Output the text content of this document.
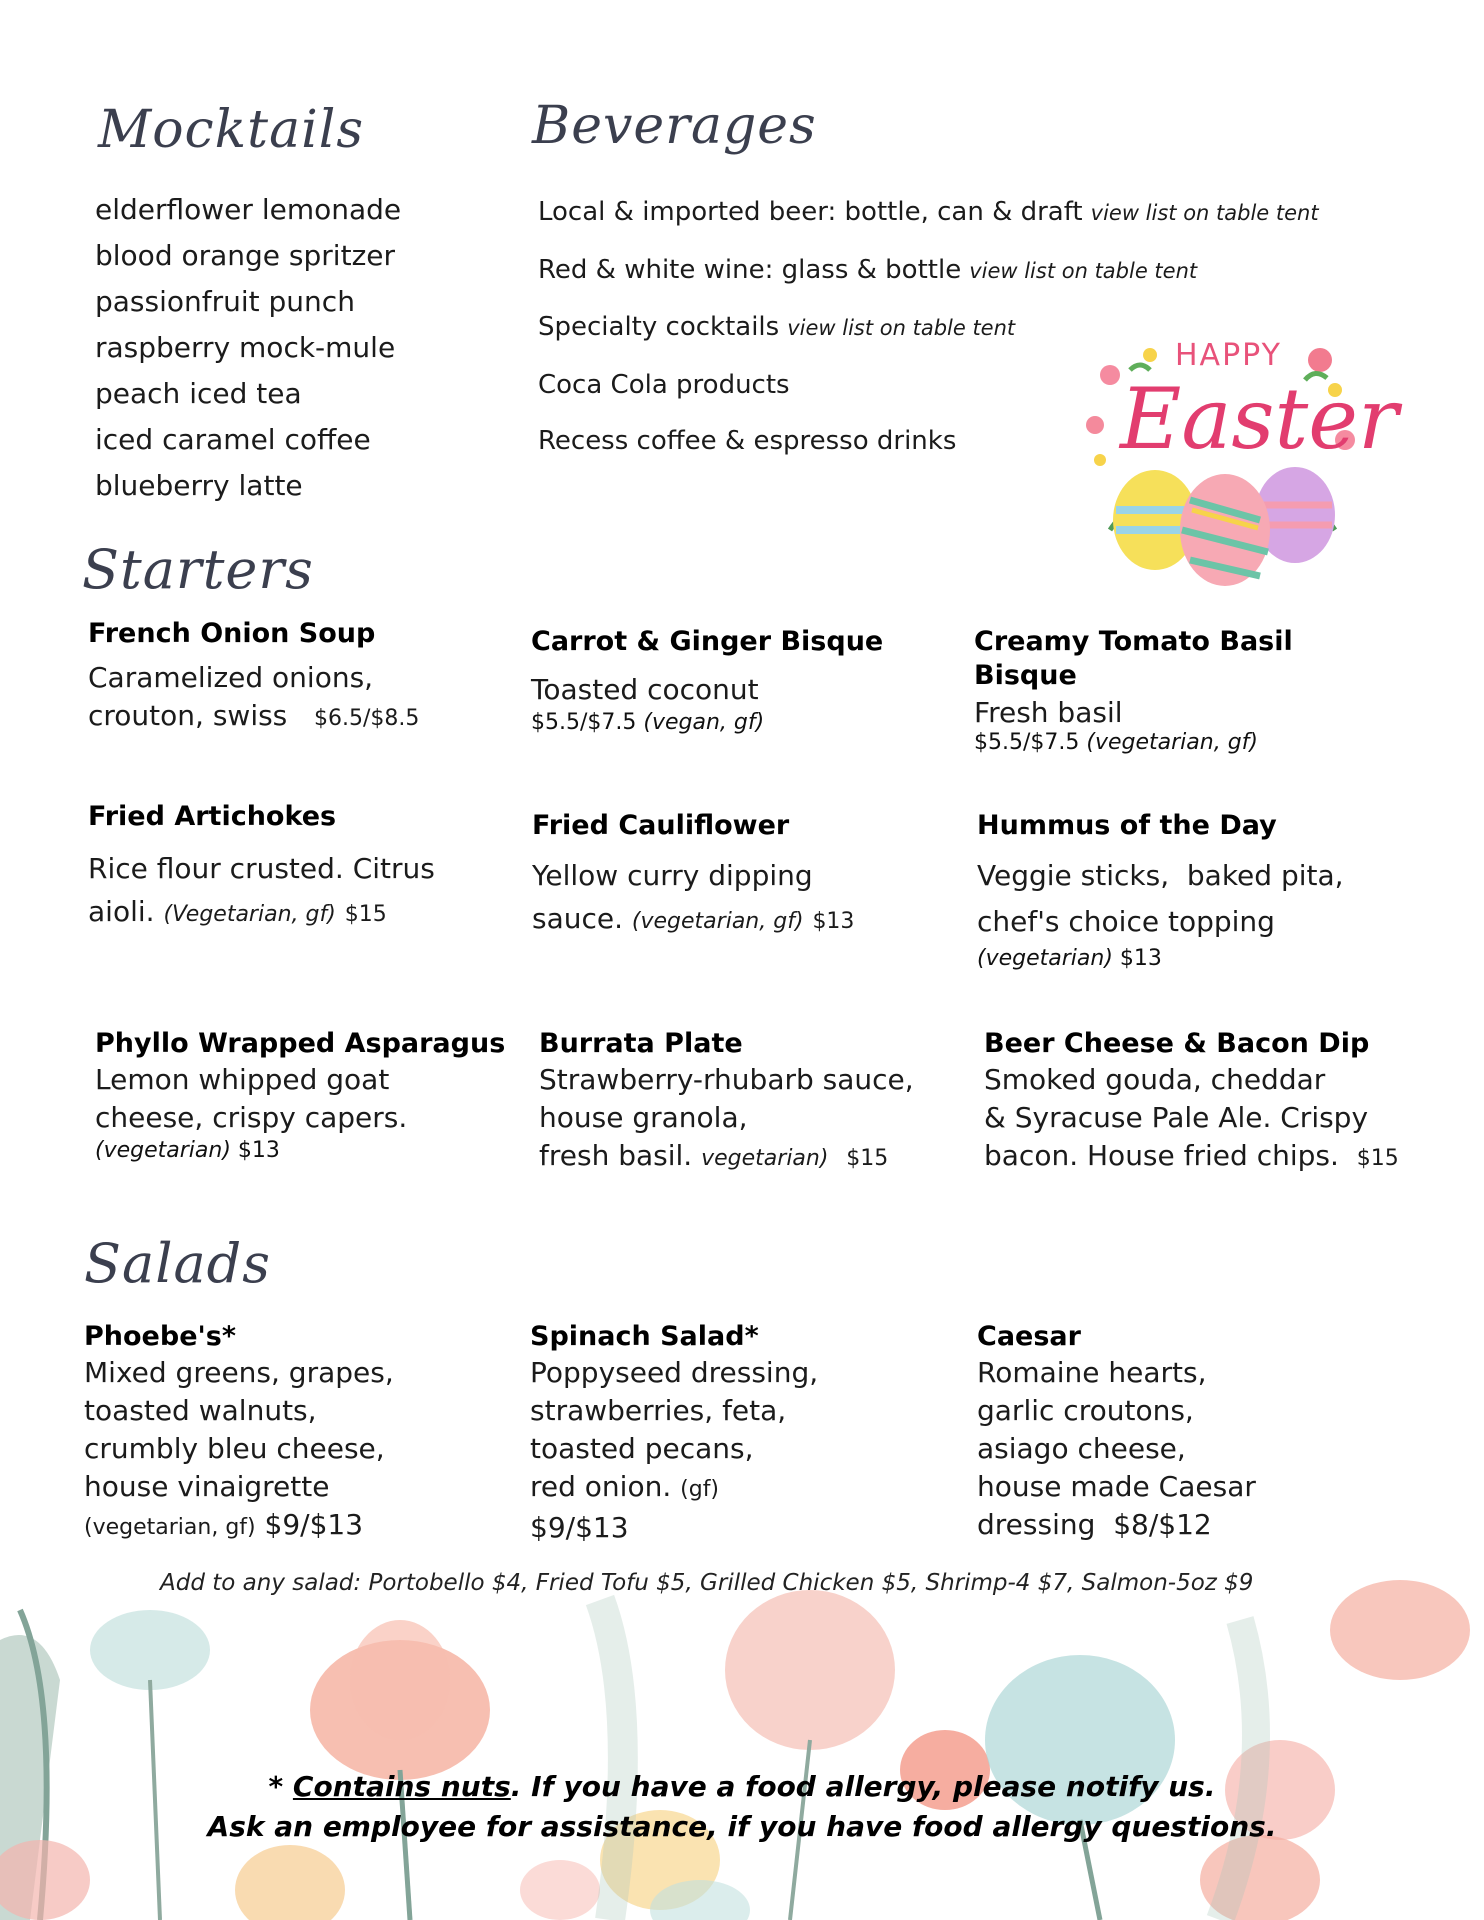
Mocktails
elderflower lemonade
blood orange spritzer
passionfruit punch
raspberry mock-mule
peach iced tea
iced caramel coffee
blueberry latte
Beverages
Local & imported beer: bottle, can & draft view list on table tent
Red & white wine: glass & bottle view list on table tent
Specialty cocktails view list on table tent
Coca Cola products
Recess coffee & espresso drinks
HAPPY
Easter
Starters
French Onion Soup
Caramelized onions,
crouton, swiss $6.5/$8.5
Carrot & Ginger Bisque
Toasted coconut
$5.5/$7.5 (vegan, gf)
Creamy Tomato Basil Bisque
Fresh basil
$5.5/$7.5 (vegetarian, gf)
Fried Artichokes
Rice flour crusted. Citrus
aioli. (Vegetarian, gf) $15
Fried Cauliflower
Yellow curry dipping
sauce. (vegetarian, gf) $13
Hummus of the Day
Veggie sticks,  baked pita,
chef's choice topping
(vegetarian) $13
Phyllo Wrapped Asparagus
Lemon whipped goat
cheese, crispy capers.
(vegetarian) $13
Burrata Plate
Strawberry-rhubarb sauce,
house granola,
fresh basil. vegetarian) $15
Beer Cheese & Bacon Dip
Smoked gouda, cheddar
& Syracuse Pale Ale. Crispy
bacon. House fried chips. $15
Salads
Phoebe's*
Mixed greens, grapes,
toasted walnuts,
crumbly bleu cheese,
house vinaigrette
(vegetarian, gf) $9/$13
Spinach Salad*
Poppyseed dressing,
strawberries, feta,
toasted pecans,
red onion. (gf)
$9/$13
Caesar
Romaine hearts,
garlic croutons,
asiago cheese,
house made Caesar
dressing $8/$12
Add to any salad: Portobello $4, Fried Tofu $5, Grilled Chicken $5, Shrimp-4 $7, Salmon-5oz $9
* Contains nuts. If you have a food allergy, please notify us.
Ask an employee for assistance, if you have food allergy questions.
